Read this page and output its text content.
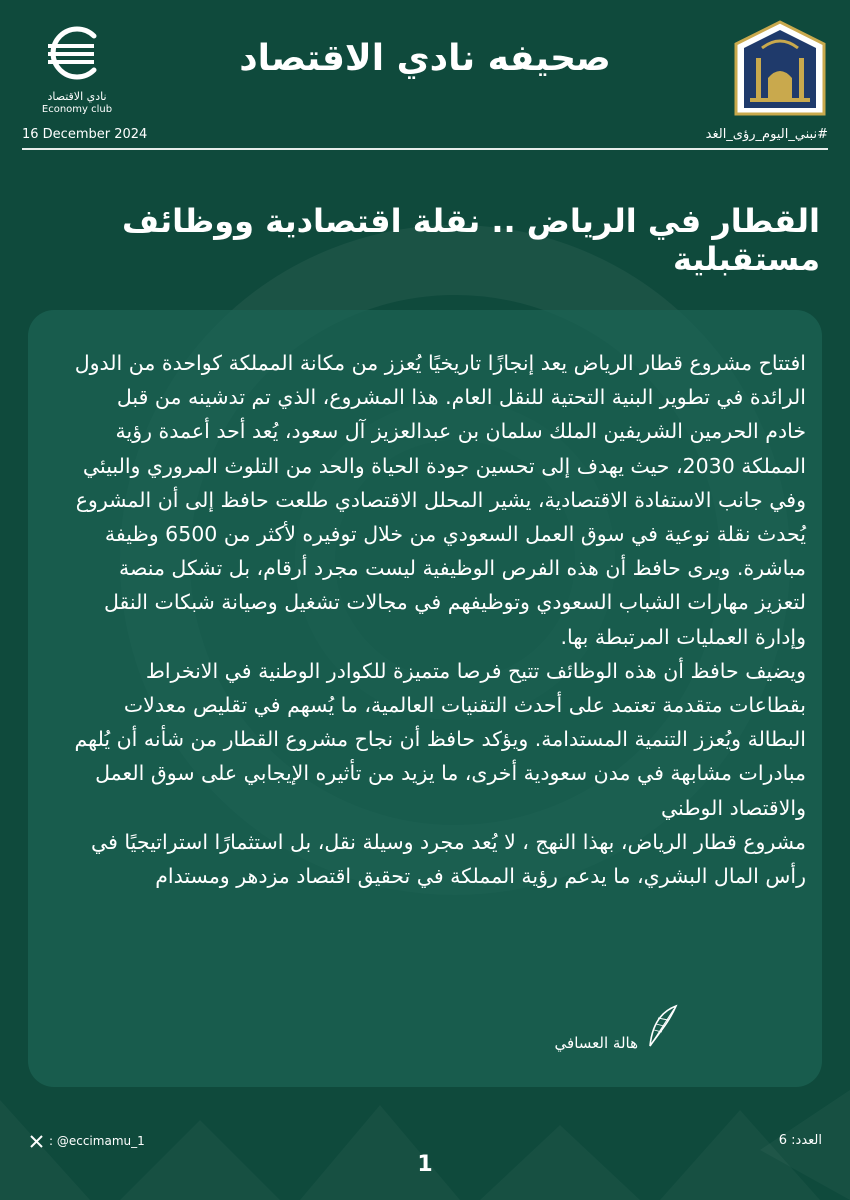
نادي الاقتصاد
Economy club
صحيفه نادي الاقتصاد
16 December 2024	#نبني_اليوم_رؤى_الغد
القطار في الرياض .. نقلة اقتصادية ووظائف مستقبلية

افتتاح مشروع قطار الرياض يعد إنجازًا تاريخيًا يُعزز من مكانة المملكة كواحدة من الدول الرائدة في تطوير البنية التحتية للنقل العام. هذا المشروع، الذي تم تدشينه من قبل خادم الحرمين الشريفين الملك سلمان بن عبدالعزيز آل سعود، يُعد أحد أعمدة رؤية المملكة 2030، حيث يهدف إلى تحسين جودة الحياة والحد من التلوث المروري والبيئي

وفي جانب الاستفادة الاقتصادية، يشير المحلل الاقتصادي طلعت حافظ إلى أن المشروع يُحدث نقلة نوعية في سوق العمل السعودي من خلال توفيره لأكثر من 6500 وظيفة مباشرة. ويرى حافظ أن هذه الفرص الوظيفية ليست مجرد أرقام، بل تشكل منصة لتعزيز مهارات الشباب السعودي وتوظيفهم في مجالات تشغيل وصيانة شبكات النقل وإدارة العمليات المرتبطة بها.

ويضيف حافظ أن هذه الوظائف تتيح فرصا متميزة للكوادر الوطنية في الانخراط بقطاعات متقدمة تعتمد على أحدث التقنيات العالمية، ما يُسهم في تقليص معدلات البطالة ويُعزز التنمية المستدامة. ويؤكد حافظ أن نجاح مشروع القطار من شأنه أن يُلهم مبادرات مشابهة في مدن سعودية أخرى، ما يزيد من تأثيره الإيجابي على سوق العمل والاقتصاد الوطني

مشروع قطار الرياض، بهذا النهج ، لا يُعد مجرد وسيلة نقل، بل استثمارًا استراتيجيًا في رأس المال البشري، ما يدعم رؤية المملكة في تحقيق اقتصاد مزدهر ومستدام

هالة العسافي
: @eccimamu_1	العدد: 6
1
